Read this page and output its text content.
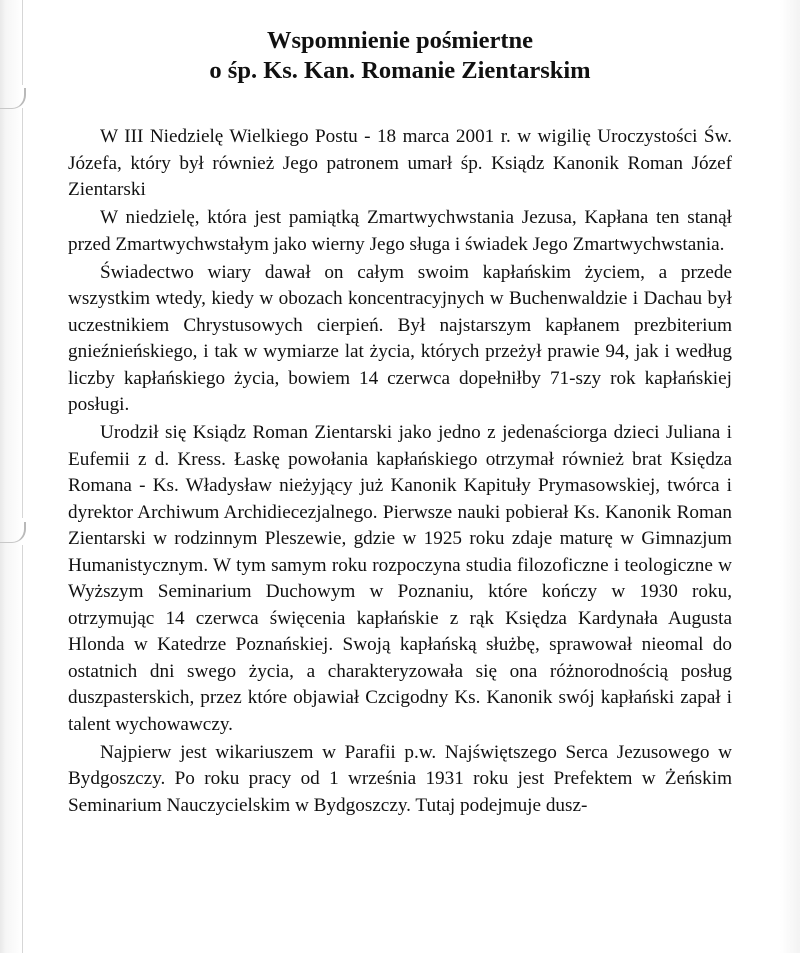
Wspomnienie pośmiertne
o śp. Ks. Kan. Romanie Zientarskim

W III Niedzielę Wielkiego Postu - 18 marca 2001 r. w wigilię Uroczystości Św. Józefa, który był również Jego patronem umarł śp. Ksiądz Kanonik Roman Józef Zientarski

W niedzielę, która jest pamiątką Zmartwychwstania Jezusa, Kapłana ten stanął przed Zmartwychwstałym jako wierny Jego sługa i świadek Jego Zmartwychwstania.

Świadectwo wiary dawał on całym swoim kapłańskim życiem, a przede wszystkim wtedy, kiedy w obozach koncentracyjnych w Buchenwaldzie i Dachau był uczestnikiem Chrystusowych cierpień. Był najstarszym kapłanem prezbiterium gnieźnieńskiego, i tak w wymiarze lat życia, których przeżył prawie 94, jak i według liczby kapłańskiego życia, bowiem 14 czerwca dopełniłby 71-szy rok kapłańskiej posługi.

Urodził się Ksiądz Roman Zientarski jako jedno z jedenaściorga dzieci Juliana i Eufemii z d. Kress. Łaskę powołania kapłańskiego otrzymał również brat Księdza Romana - Ks. Władysław nieżyjący już Kanonik Kapituły Prymasowskiej, twórca i dyrektor Archiwum Archidiecezjalnego. Pierwsze nauki pobierał Ks. Kanonik Roman Zientarski w rodzinnym Pleszewie, gdzie w 1925 roku zdaje maturę w Gimnazjum Humanistycznym. W tym samym roku rozpoczyna studia filozoficzne i teologiczne w Wyższym Seminarium Duchowym w Poznaniu, które kończy w 1930 roku, otrzymując 14 czerwca święcenia kapłańskie z rąk Księdza Kardynała Augusta Hlonda w Katedrze Poznańskiej. Swoją kapłańską służbę, sprawował nieomal do ostatnich dni swego życia, a charakteryzowała się ona różnorodnością posług duszpasterskich, przez które objawiał Czcigodny Ks. Kanonik swój kapłański zapał i talent wychowawczy.

Najpierw jest wikariuszem w Parafii p.w. Najświętszego Serca Jezusowego w Bydgoszczy. Po roku pracy od 1 września 1931 roku jest Prefektem w Żeńskim Seminarium Nauczycielskim w Bydgoszczy. Tutaj podejmuje dusz-
